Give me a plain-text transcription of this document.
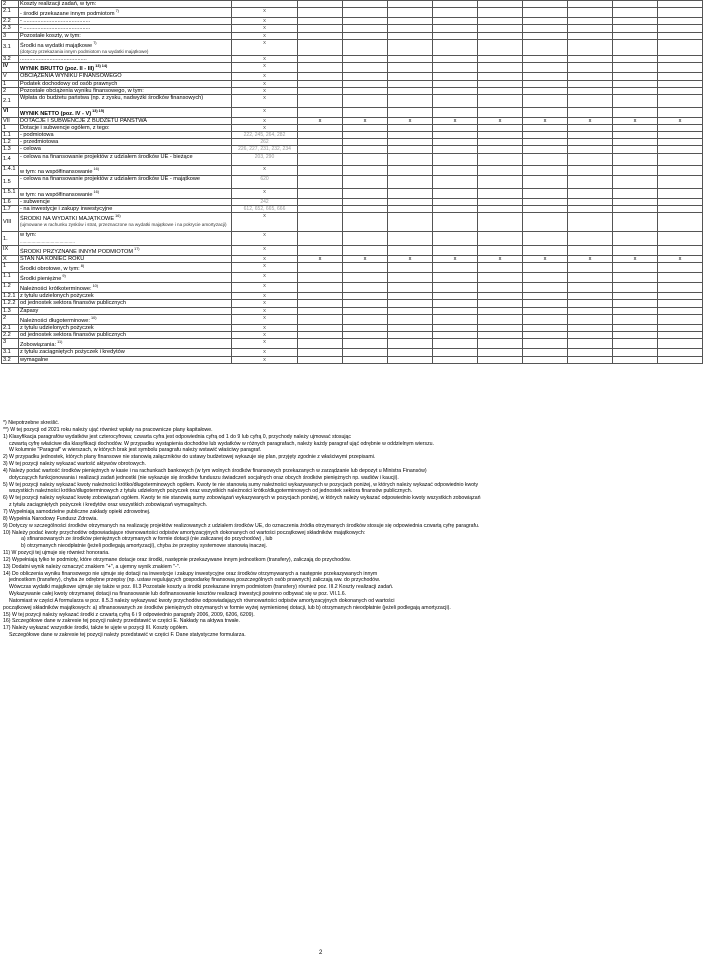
2	Koszty realizacji zadań, w tym:										
2.1	- środki przekazane innym podmiotom $^{7)}$	x									
2.2	- ...........................................	x									
2.3	- ...........................................	x									
3	Pozostałe koszty, w tym:	x									
3.1	Środki na wydatki majątkowe $^{7)}$
(dotyczy przekazania innym podmiotom na wydatki majątkowe)	x									
3.2	...........................................	x									
IV	WYNIK BRUTTO (poz. II - III) $^{13) 14)}$	x									
V	OBCIĄŻENIA WYNIKU FINANSOWEGO	x									
1	Podatek dochodowy od osób prawnych	x									
2	Pozostałe obciążenia wyniku finansowego, w tym:	x									
2.1	Wpłata do budżetu państwa (np. z zysku, nadwyżki środków finansowych)	x									
VI	WYNIK NETTO (poz. IV - V) $^{13) 15)}$	x									
VII	DOTACJE I SUBWENCJE Z BUDŻETU PAŃSTWA	x	x	x	x	x	x	x	x	x	x
1	Dotacje i subwencje ogółem, z tego:	x									
1.1	- podmiotowa	222, 245, 264, 282									
1.2	- przedmiotowa	262									
1.3	- celowa	226, 227, 231, 232, 234									
1.4	- celowa na finansowanie projektów z udziałem środków UE - bieżące	203, 290									
1.4.1	w tym: na współfinansowanie $^{16)}$	x									
1.5	- celowa na finansowanie projektów z udziałem środków UE - majątkowe	620									
1.5.1	w tym: na współfinansowanie $^{16)}$	x									
1.6	- subwencje	242									
1.7	- na inwestycje i zakupy inwestycyjne	612, 652, 665, 666									
VIII	ŚRODKI NA WYDATKI MAJĄTKOWE $^{16)}$
(ujmowane w rachunku zysków i strat, przeznaczone na wydatki majątkowe i na pokrycie amortyzacji)	x									
1.	w tym:
...........................................	x									
IX	ŚRODKI PRZYZNANE INNYM PODMIOTOM $^{17)}$	x									
X	STAN NA KONIEC ROKU	x	x	x	x	x	x	x	x	x	x
1	Środki obrotowe, w tym: $^{8)}$	x									
1.1	Środki pieniężne $^{9)}$	x									
1.2	Należności krótkoterminowe: $^{10)}$	x									
1.2.1	z tytułu udzielonych pożyczek	x									
1.2.2	od jednostek sektora finansów publicznych	x									
1.3	Zapasy	x									
2	Należności długoterminowe: $^{10)}$	x									
2.1	z tytułu udzielonych pożyczek	x									
2.2	od jednostek sektora finansów publicznych	x									
3	Zobowiązania: $^{11)}$	x									
3.1	z tytułu zaciągniętych pożyczek i kredytów	x									
3.2	wymagalne	x									
*) Niepotrzebne skreślić.
**) W tej pozycji od 2021 roku należy ująć również wpłaty na pracownicze plany kapitałowe.
1) Klasyfikacja paragrafów wydatków jest czterocyfrowa; czwarta cyfra jest odpowiednia cyfrą od 1 do 9 lub cyfrą 0, przychody należy ujmować stosując
czwartą cyfrę właściwe dla klasyfikacji dochodów. W przypadku wystąpienia dochodów lub wydatków w różnych paragrafach, należy każdy paragraf ująć odrębnie w oddzielnym wierszu.
W kolumnie "Paragraf" w wierszach, w których brak jest symbolu paragrafu należy wstawić właściwy paragraf.
2) W przypadku jednostek, których plany finansowe nie stanowią załączników do ustawy budżetowej wykazuje się plan, przyjęty zgodnie z właściwymi przepisami.
3) W tej pozycji należy wykazać wartość aktywów obrotowych.
4) Należy podać wartość środków pieniężnych w kasie i na rachunkach bankowych (w tym wolnych środków finansowych przekazanych w zarządzanie lub depozyt u Ministra Finansów)
dotyczących funkcjonowania i realizacji zadań jednostki (nie wykazuje się środków funduszu świadczeń socjalnych oraz obcych środków pieniężnych np. wadiów i kaucji).
5) W tej pozycji należy wykazać kwoty należności krótko/długoterminowych ogółem. Kwoty te nie stanowią sumy należności wykazywanych w pozycjach poniżej, w których należy wykazać odpowiednio kwoty
wszystkich należności krótko/długoterminowych z tytułu udzielonych pożyczek oraz wszystkich należności krótko/długoterminowych od jednostek sektora finansów publicznych.
6) W tej pozycji należy wykazać kwotę zobowiązań ogółem. Kwoty te nie stanowią sumy zobowiązań wykazywanych w pozycjach poniżej, w których należy wykazać odpowiednio kwoty wszystkich zobowiązań
z tytułu zaciągniętych pożyczek i kredytów oraz wszystkich zobowiązań wymagalnych.
7) Wypełniają samodzielne publiczne zakłady opieki zdrowotnej.
8) Wypełnia Narodowy Fundusz Zdrowia.
9) Dotyczy w szczególności środków otrzymanych na realizację projektów realizowanych z udziałem środków UE, do oznaczenia źródła otrzymanych środków stosuje się odpowiednia czwartą cyfrę paragrafu.
10) Należy podać kwoty przychodów odpowiadające równowartości odpisów amortyzacyjnych dokonanych od wartości początkowej składników majątkowych:
a) sfinansowanych ze środków pieniężnych otrzymanych w formie dotacji (nie zaliczanej do przychodów) , lub
b) otrzymanych nieodpłatnie (jeżeli podlegają amortyzacji), chyba że przepisy systemowe stanowią inaczej.
11) W pozycji tej ujmuje się również honoraria.
12) Wypełniają tylko te podmioty, które otrzymane dotacje oraz środki, następnie przekazywane innym jednostkom (transfery), zaliczają do przychodów.
13) Dodatni wynik należy oznaczyć znakiem "+", a ujemny wynik znakiem "-".
14) Do obliczenia wyniku finansowego nie ujmuje się dotacji na inwestycje i zakupy inwestycyjne oraz środków otrzymywanych a następnie przekazywanych innym
jednostkom (transfery), chyba że odrębne przepisy (np. ustaw regulujących gospodarkę finansową poszczególnych osób prawnych) zaliczają ww. do przychodów.
Wówczas wydatki majątkowe ujmuje się także w poz. III.3 Pozostałe koszty a środki przekazane innym podmiotom (transfery) również poz. III.2 Koszty realizacji zadań.
Wykazywanie całej kwoty otrzymanej dotacji na finansowanie lub dofinansowanie kosztów realizacji inwestycji powinno odbywać się w poz. VII.1.6.
Natomiast w części A formularza w poz. II.5.3 należy wykazywać kwoty przychodów odpowiadających równowartości odpisów amortyzacyjnych dokonanych od wartości
początkowej składników majątkowych: a) sfinansowanych ze środków pieniężnych otrzymanych w formie wyżej wymienionej dotacji, lub b) otrzymanych nieodpłatnie (jeżeli podlegają amortyzacji).
15) W tej pozycji należy wykazać środki z czwartą cyfrą 6 i 9 odpowiednio paragrafy 2006, 2009, 6206, 6209).
16) Szczegółowe dane w zakresie tej pozycji należy przedstawić w części E. Nakłady na aktywa trwałe.
17) Należy wykazać wszystkie środki, także te ujęte w pozycji III. Koszty ogółem.
Szczegółowe dane w zakresie tej pozycji należy przedstawić w części F. Dane statystyczne formularza.
2
